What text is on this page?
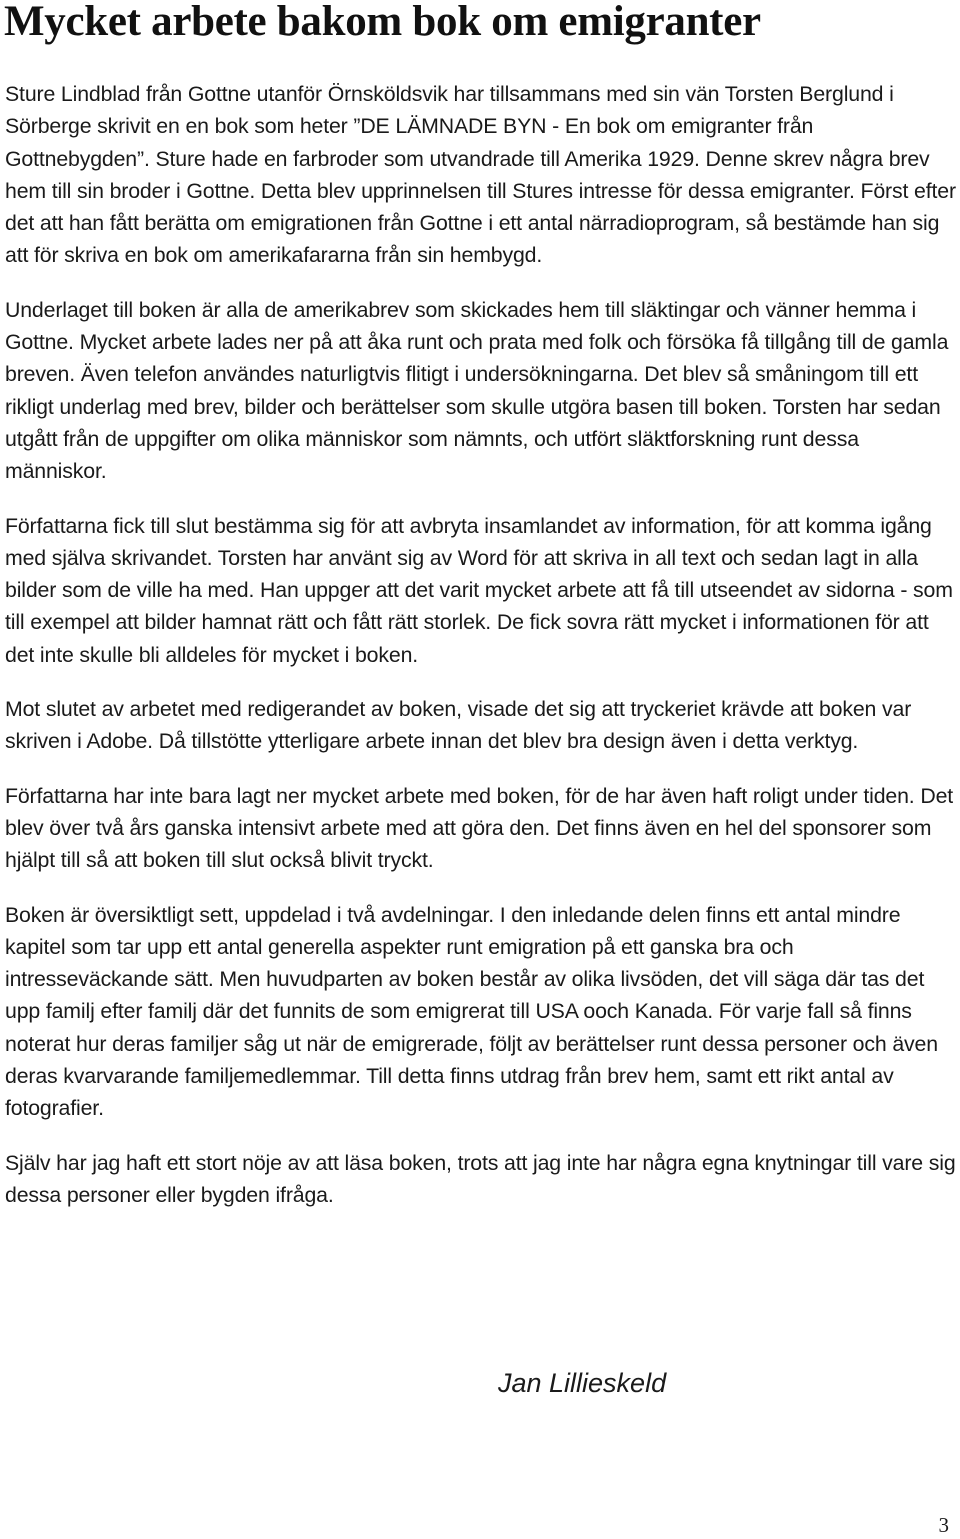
Mycket arbete bakom bok om emigranter

Sture Lindblad från Gottne utanför Örnsköldsvik har tillsammans med sin vän Torsten Berglund i Sörberge skrivit en en bok som heter ”DE LÄMNADE BYN - En bok om emigranter från Gottnebygden”. Sture hade en farbroder som utvandrade till Amerika 1929. Denne skrev några brev hem till sin broder i Gottne. Detta blev upprinnelsen till Stures intresse för dessa emigranter. Först efter det att han fått berätta om emigrationen från Gottne i ett antal närradioprogram, så bestämde han sig att för skriva en bok om amerikafararna från sin hembygd.

Underlaget till boken är alla de amerikabrev som skickades hem till släktingar och vänner hemma i Gottne. Mycket arbete lades ner på att åka runt och prata med folk och försöka få tillgång till de gamla breven. Även telefon användes naturligtvis flitigt i undersökningarna. Det blev så småningom till ett rikligt underlag med brev, bilder och berättelser som skulle utgöra basen till boken. Torsten har sedan utgått från de uppgifter om olika människor som nämnts, och utfört släktforskning runt dessa människor.

Författarna fick till slut bestämma sig för att avbryta insamlandet av information, för att komma igång med själva skrivandet. Torsten har använt sig av Word för att skriva in all text och sedan lagt in alla bilder som de ville ha med. Han uppger att det varit mycket arbete att få till utseendet av sidorna - som till exempel att bilder hamnat rätt och fått rätt storlek. De fick sovra rätt mycket i informationen för att det inte skulle bli alldeles för mycket i boken.

Mot slutet av arbetet med redigerandet av boken, visade det sig att tryckeriet krävde att boken var skriven i Adobe. Då tillstötte ytterligare arbete innan det blev bra design även i detta verktyg.

Författarna har inte bara lagt ner mycket arbete med boken, för de har även haft roligt under tiden. Det blev över två års ganska intensivt arbete med att göra den. Det finns även en hel del sponsorer som hjälpt till så att boken till slut också blivit tryckt.

Boken är översiktligt sett, uppdelad i två avdelningar. I den inledande delen finns ett antal mindre kapitel som tar upp ett antal generella aspekter runt emigration på ett ganska bra och intresseväckande sätt. Men huvudparten av boken består av olika livsöden, det vill säga där tas det upp familj efter familj där det funnits de som emigrerat till USA ooch Kanada. För varje fall så finns noterat hur deras familjer såg ut när de emigrerade, följt av berättelser runt dessa personer och även deras kvarvarande familjemedlemmar. Till detta finns utdrag från brev hem, samt ett rikt antal av fotografier.

Själv har jag haft ett stort nöje av att läsa boken, trots att jag inte har några egna knytningar till vare sig dessa personer eller bygden ifråga.

Jan Lillieskeld

3
